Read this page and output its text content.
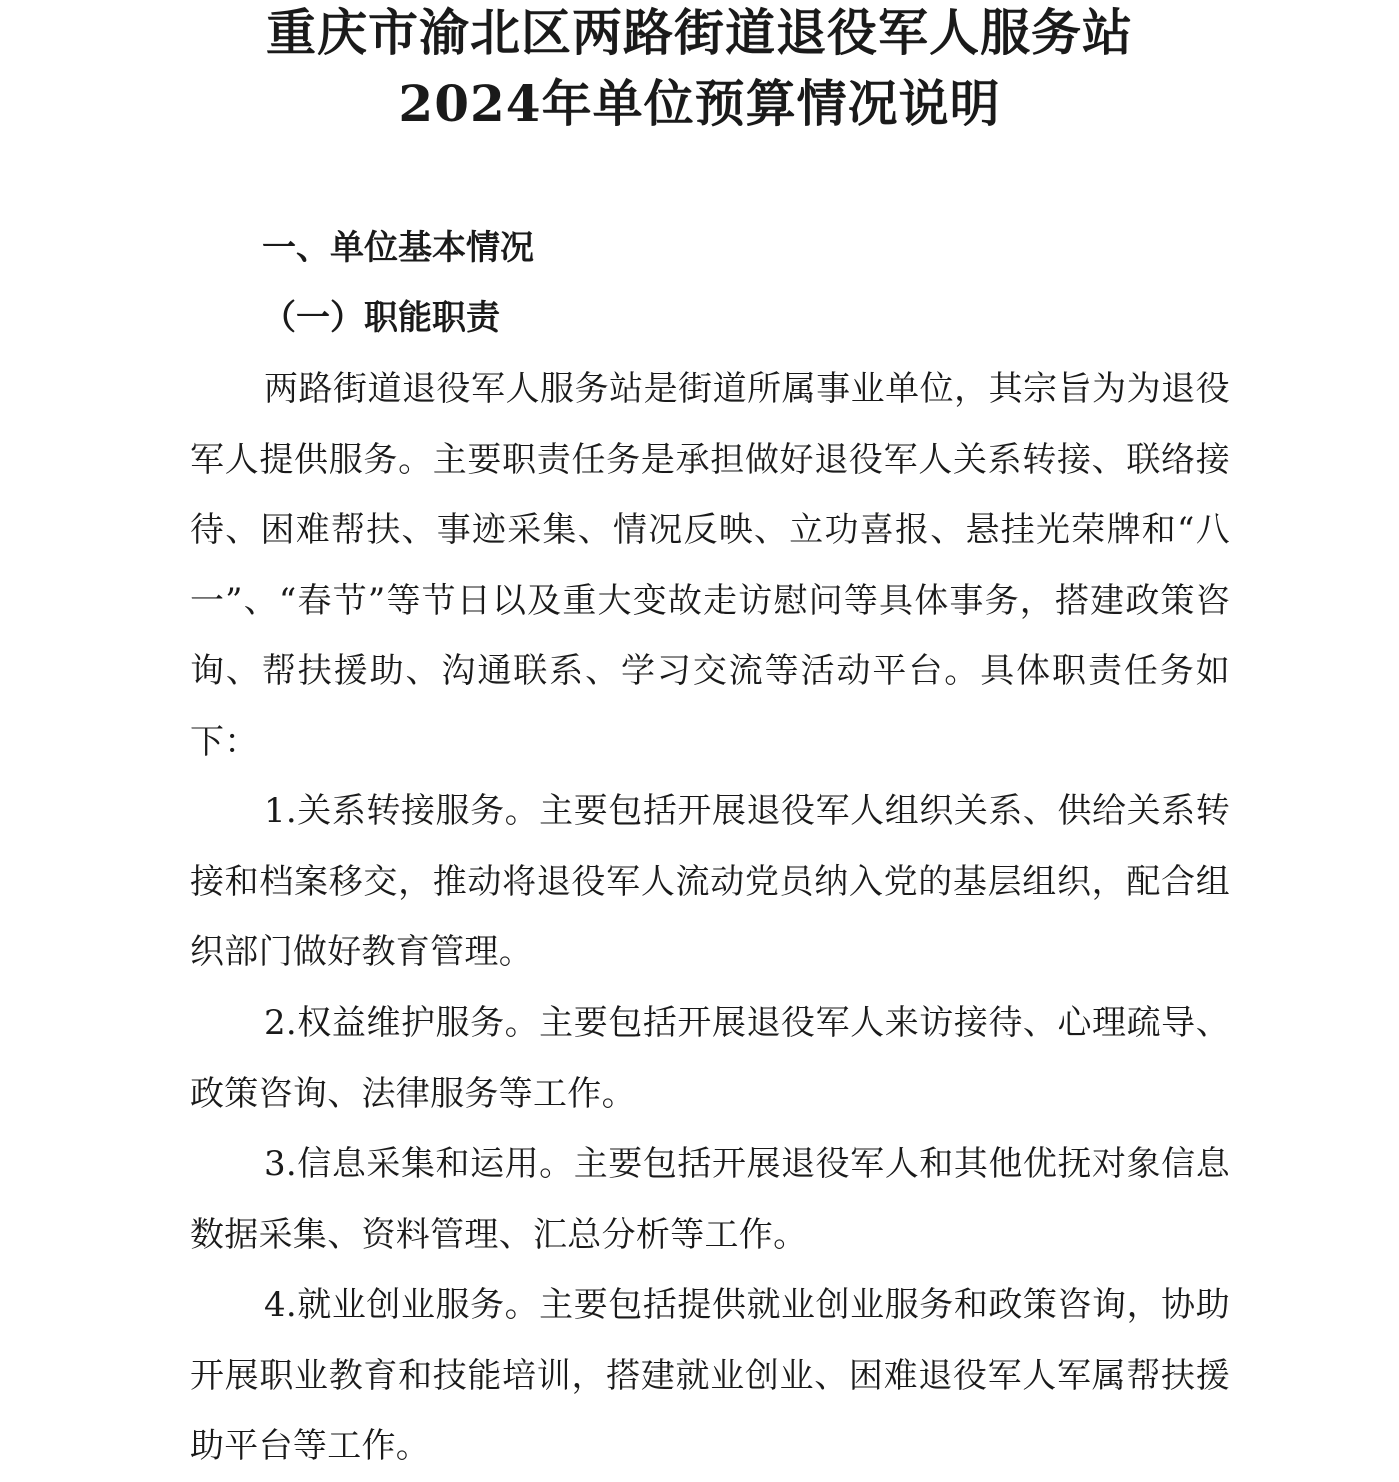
重庆市渝北区两路街道退役军人服务站
2024年单位预算情况说明
一、单位基本情况
（一）职能职责

两路街道退役军人服务站是街道所属事业单位，其宗旨为为退役军人提供服务。主要职责任务是承担做好退役军人关系转接、联络接待、困难帮扶、事迹采集、情况反映、立功喜报、悬挂光荣牌和“八一”、“春节”等节日以及重大变故走访慰问等具体事务，搭建政策咨询、帮扶援助、沟通联系、学习交流等活动平台。具体职责任务如下：

1.关系转接服务。主要包括开展退役军人组织关系、供给关系转接和档案移交，推动将退役军人流动党员纳入党的基层组织，配合组织部门做好教育管理。

2.权益维护服务。主要包括开展退役军人来访接待、心理疏导、政策咨询、法律服务等工作。

3.信息采集和运用。主要包括开展退役军人和其他优抚对象信息数据采集、资料管理、汇总分析等工作。

4.就业创业服务。主要包括提供就业创业服务和政策咨询，协助开展职业教育和技能培训，搭建就业创业、困难退役军人军属帮扶援助平台等工作。
